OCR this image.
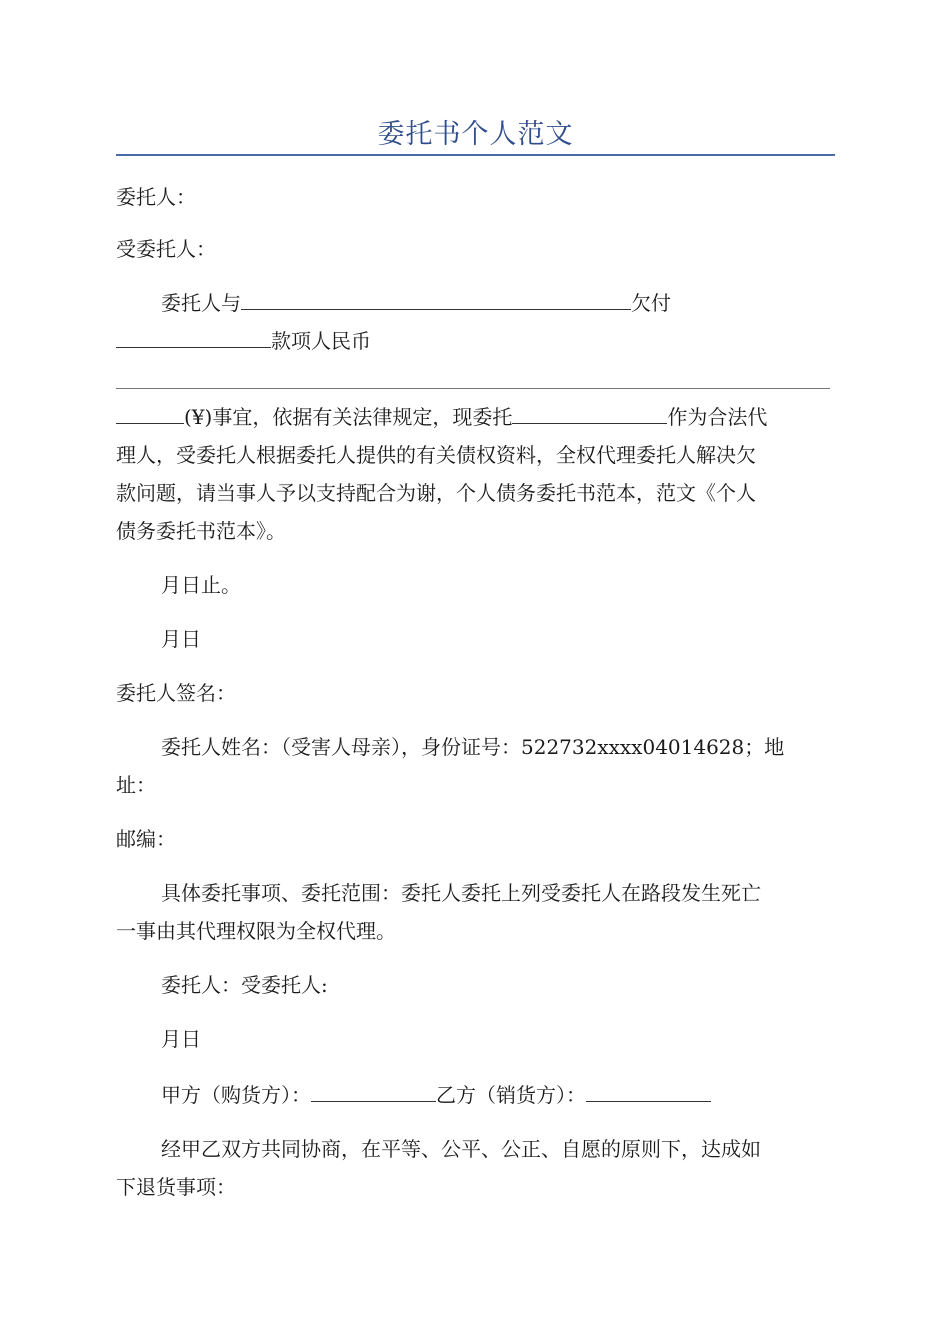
委托书个人范文

委托人：

受委托人：

委托人与	欠付

款项人民币

(¥)事宜，依据有关法律规定，现委托	作为合法代

理人，受委托人根据委托人提供的有关债权资料，全权代理委托人解决欠

款问题，请当事人予以支持配合为谢，个人债务委托书范本，范文《个人

债务委托书范本》。

月日止。

月日

委托人签名：

委托人姓名：（受害人母亲），身份证号：522732xxxx04014628；地

址：

邮编：

具体委托事项、委托范围：委托人委托上列受委托人在路段发生死亡

一事由其代理权限为全权代理。

委托人：受委托人:

月日

甲方（购货方）：	乙方（销货方）：

经甲乙双方共同协商，在平等、公平、公正、自愿的原则下，达成如

下退货事项：
